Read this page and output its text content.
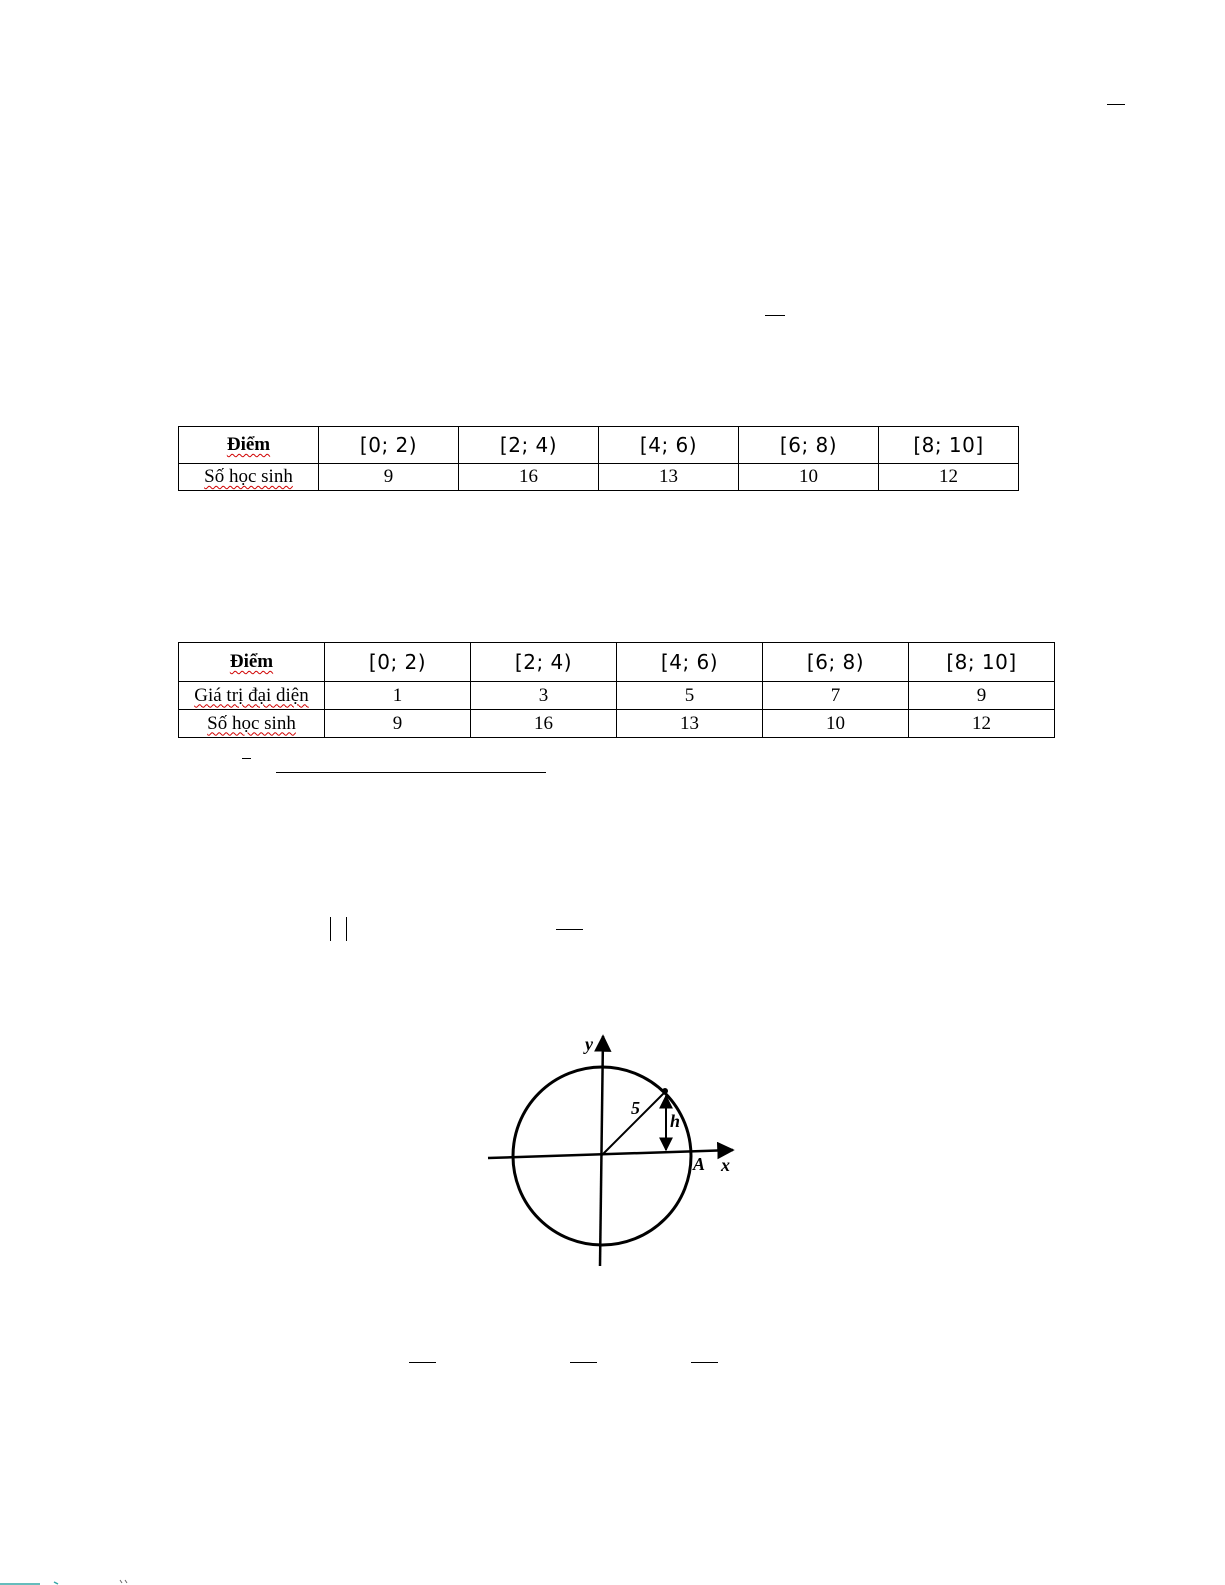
Điểm	[0; 2)	[2; 4)	[4; 6)	[6; 8)	[8; 10]
Số học sinh	9	16	13	10	12
Điểm	[0; 2)	[2; 4)	[4; 6)	[6; 8)	[8; 10]
Giá trị đại diện	1	3	5	7	9
Số học sinh	9	16	13	10	12
y
x
5
h
A
